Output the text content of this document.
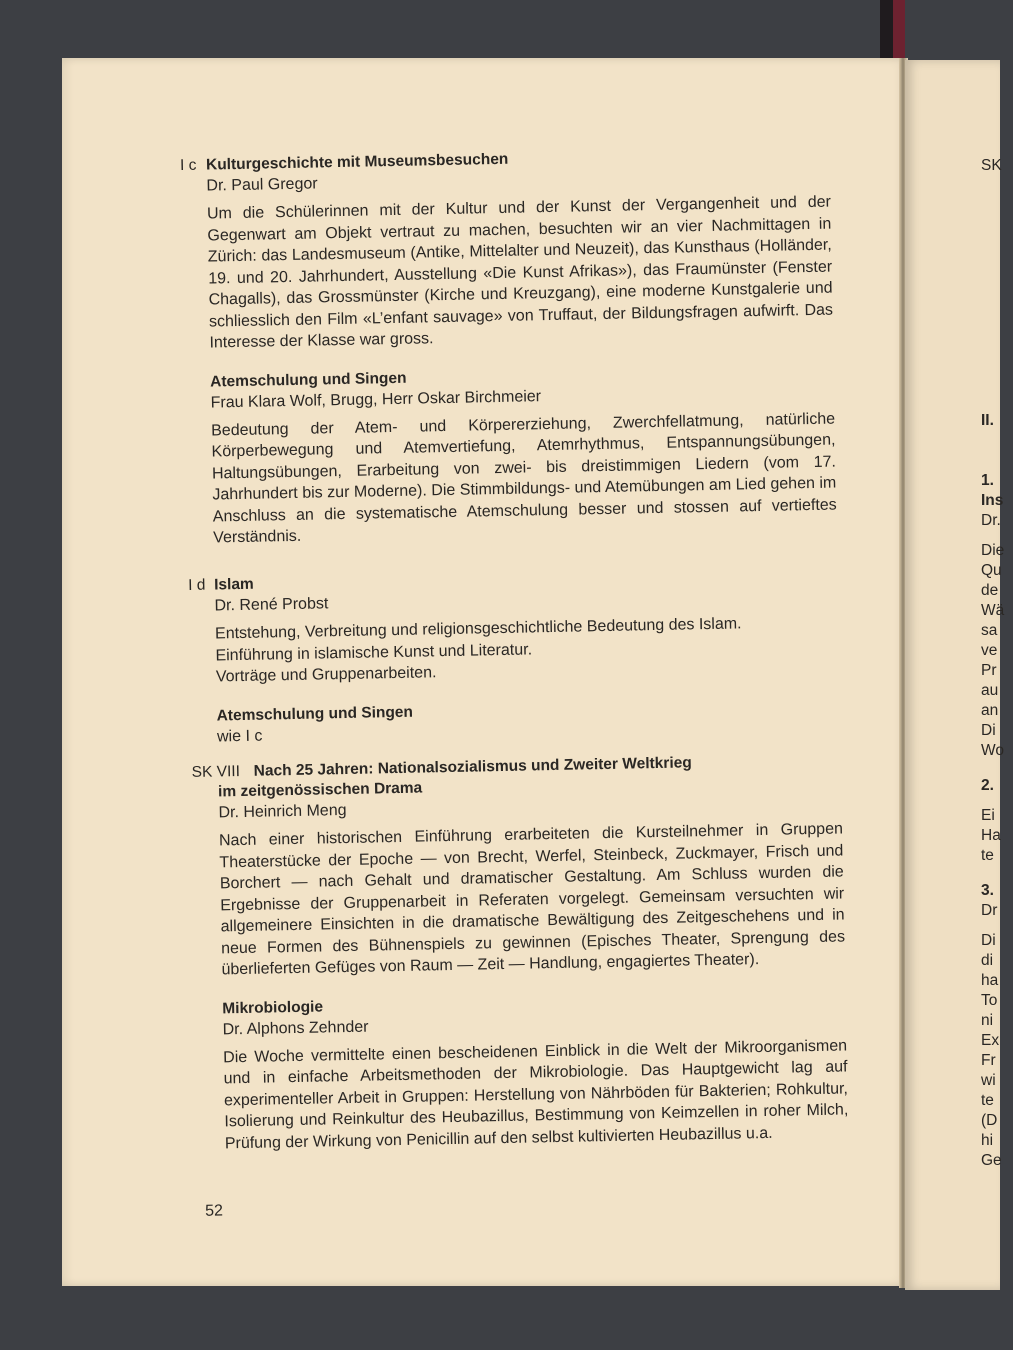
SK
II.
1.
Ins
Dr.
Die
Qu
de
Wä
sa
ve
Pr
au
an
Di
Wo
2.
Ei
Ha
te
3.
Dr
Di
di
ha
To
ni
Ex
Fr
wi
te
(D
hi
Ge
I c Kulturgeschichte mit Museumsbesuchen
Dr. Paul Gregor
Um die Schülerinnen mit der Kultur und der Kunst der Vergangenheit und der Gegenwart am Objekt vertraut zu machen, besuchten wir an vier Nachmittagen in Zürich: das Landesmuseum (Antike, Mittelalter und Neuzeit), das Kunsthaus (Holländer, 19. und 20. Jahrhundert, Ausstellung «Die Kunst Afrikas»), das Fraumünster (Fenster Chagalls), das Grossmünster (Kirche und Kreuzgang), eine moderne Kunstgalerie und schliesslich den Film «L’enfant sauvage» von Truffaut, der Bildungsfragen aufwirft. Das Interesse der Klasse war gross.
Atemschulung und Singen
Frau Klara Wolf, Brugg, Herr Oskar Birchmeier
Bedeutung der Atem- und Körpererziehung, Zwerchfellatmung, natürliche Körperbewegung und Atemvertiefung, Atemrhythmus, Entspannungsübungen, Haltungsübungen, Erarbeitung von zwei- bis dreistimmigen Liedern (vom 17. Jahrhundert bis zur Moderne). Die Stimmbildungs- und Atemübungen am Lied gehen im Anschluss an die systematische Atemschulung besser und stossen auf vertieftes Verständnis.
I d Islam
Dr. René Probst
Entstehung, Verbreitung und religionsgeschichtliche Bedeutung des Islam.
Einführung in islamische Kunst und Literatur.
Vorträge und Gruppenarbeiten.
Atemschulung und Singen
wie I c
SK VIII Nach 25 Jahren: Nationalsozialismus und Zweiter Weltkrieg
im zeitgenössischen Drama
Dr. Heinrich Meng
Nach einer historischen Einführung erarbeiteten die Kursteilnehmer in Gruppen Theaterstücke der Epoche — von Brecht, Werfel, Steinbeck, Zuckmayer, Frisch und Borchert — nach Gehalt und dramatischer Gestaltung. Am Schluss wurden die Ergebnisse der Gruppenarbeit in Referaten vorgelegt. Gemeinsam versuchten wir allgemeinere Einsichten in die dramatische Bewältigung des Zeitgeschehens und in neue Formen des Bühnenspiels zu gewinnen (Episches Theater, Sprengung des überlieferten Gefüges von Raum — Zeit — Handlung, engagiertes Theater).
Mikrobiologie
Dr. Alphons Zehnder
Die Woche vermittelte einen bescheidenen Einblick in die Welt der Mikroorganismen und in einfache Arbeitsmethoden der Mikrobiologie. Das Hauptgewicht lag auf experimenteller Arbeit in Gruppen: Herstellung von Nährböden für Bakterien; Rohkultur, Isolierung und Reinkultur des Heubazillus, Bestimmung von Keimzellen in roher Milch, Prüfung der Wirkung von Penicillin auf den selbst kultivierten Heubazillus u.a.
52
